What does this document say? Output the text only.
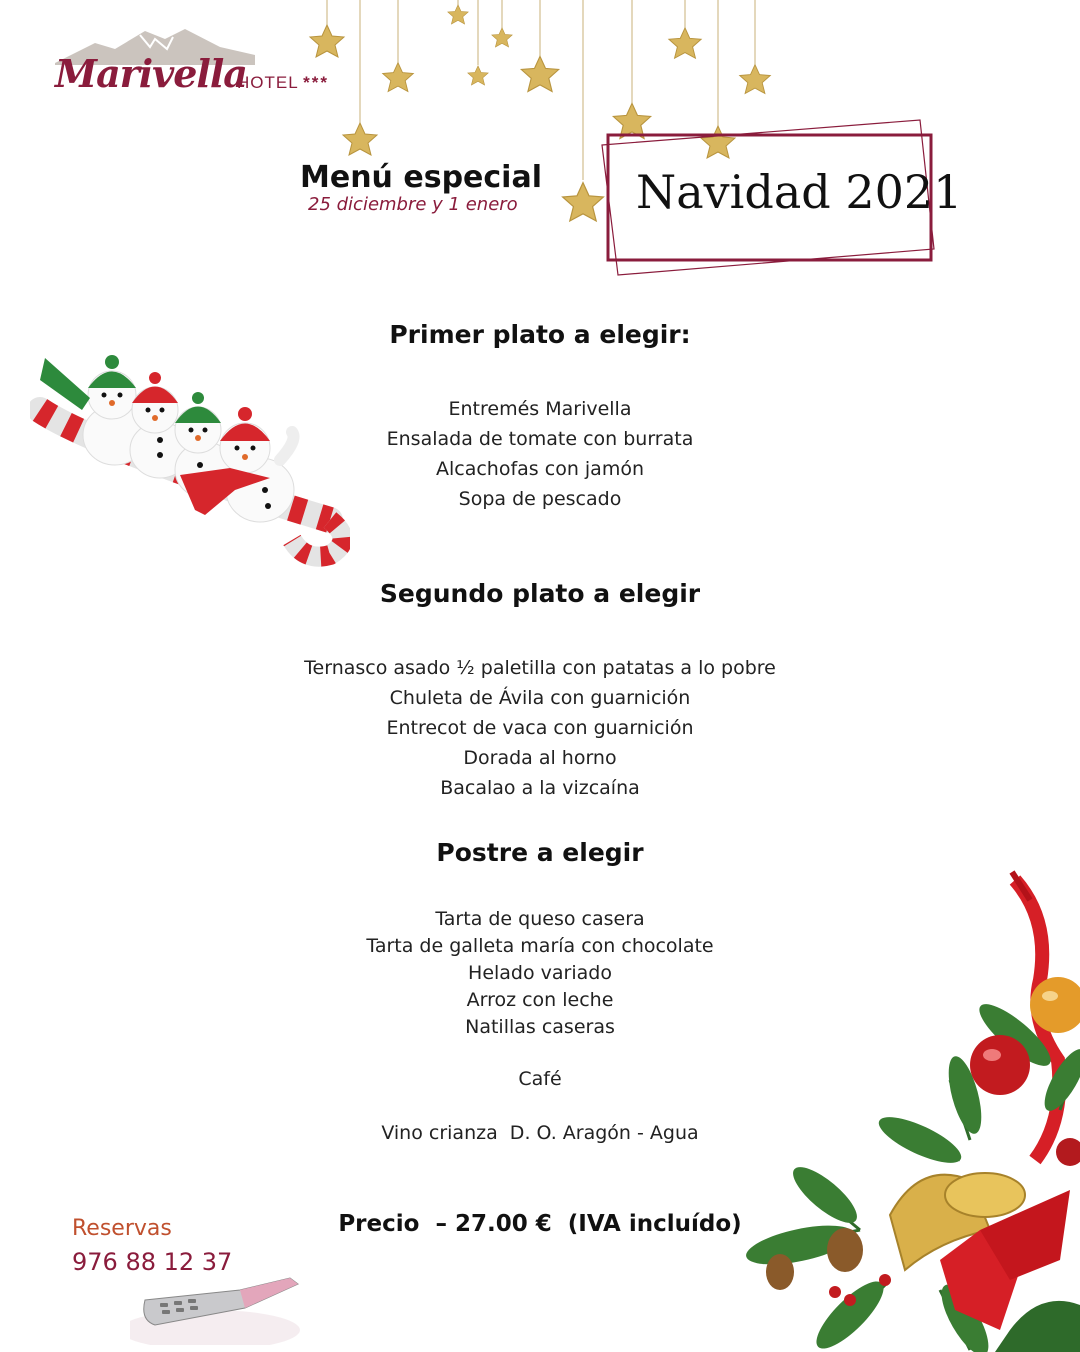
Marivella
HOTEL ***
Menú especial
25 diciembre y 1 enero	Navidad 2021
Primer plato a elegir:
Entremés Marivella
Ensalada de tomate con burrata
Alcachofas con jamón
Sopa de pescado
Segundo plato a elegir
Ternasco asado ½ paletilla con patatas a lo pobre
Chuleta de Ávila con guarnición
Entrecot de vaca con guarnición
Dorada al horno
Bacalao a la vizcaína
Postre a elegir
Tarta de queso casera
Tarta de galleta maría con chocolate
Helado variado
Arroz con leche
Natillas caseras
Café
Vino crianza  D. O. Aragón - Agua
Precio  – 27.00 €  (IVA incluído)
Reservas
976 88 12 37
